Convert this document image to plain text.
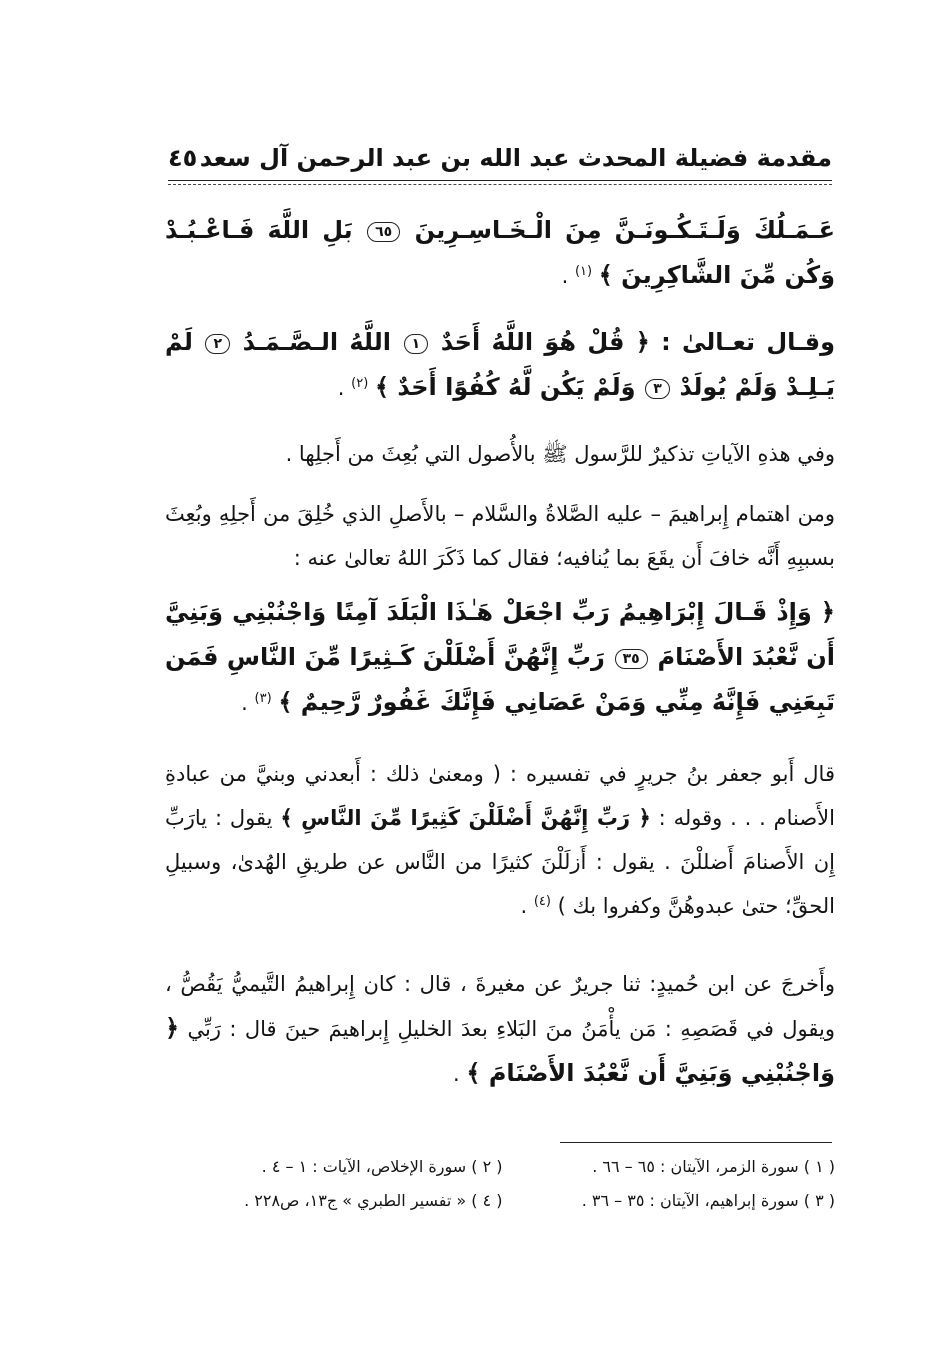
مقدمة فضيلة المحدث عبد الله بن عبد الرحمن آل سعد
٤٥
عَـمَـلُكَ وَلَـتَـكُـونَـنَّ مِنَ الْـخَـاسِـرِينَ ٦٥ بَلِ اللَّهَ فَـاعْـبُـدْ وَكُن مِّنَ الشَّاكِرِينَ ﴾ $^{(١)}$ .
وقـال تعـالىٰ : ﴿ قُلْ هُوَ اللَّهُ أَحَدٌ ١ اللَّهُ الـصَّـمَـدُ ٢ لَمْ يَـلِـدْ وَلَمْ يُولَدْ ٣ وَلَمْ يَكُن لَّهُ كُفُوًا أَحَدٌ ﴾ $^{(٢)}$ .
وفي هذهِ الآياتِ تذكيرٌ للرَّسول ﷺ بالأُصول التي بُعِثَ من أَجلِها .
ومن اهتمام إِبراهيمَ – عليه الصَّلاةُ والسَّلام – بالأَصلِ الذي خُلِقَ من أَجلِهِ وبُعِثَ بسببِهِ أَنَّه خافَ أَن يقَعَ بما يُنافيه؛ فقال كما ذَكَرَ اللهُ تعالىٰ عنه :
﴿ وَإِذْ قَـالَ إِبْرَاهِيمُ رَبِّ اجْعَلْ هَـٰذَا الْبَلَدَ آمِنًا وَاجْنُبْنِي وَبَنِيَّ أَن نَّعْبُدَ الأَصْنَامَ ٣٥ رَبِّ إِنَّهُنَّ أَضْلَلْنَ كَـثِيرًا مِّنَ النَّاسِ فَمَن تَبِعَنِي فَإِنَّهُ مِنِّي وَمَنْ عَصَانِي فَإِنَّكَ غَفُورٌ رَّحِيمٌ ﴾ $^{(٣)}$ .
قال أَبو جعفر بنُ جريرٍ في تفسيره : ( ومعنىٰ ذلك : أَبعدني وبنيَّ من عبادةِ الأَصنام . . . وقوله : ﴿ رَبِّ إِنَّهُنَّ أَضْلَلْنَ كَثِيرًا مِّنَ النَّاسِ ﴾ يقول : يارَبِّ إِن الأَصنامَ أَضللْنَ . يقول : أَزلَلْنَ كثيرًا من النَّاس عن طريقِ الهُدىٰ، وسبيلِ الحقِّ؛ حتىٰ عبدوهُنَّ وكفروا بك ) $^{(٤)}$ .
وأَخرجَ عن ابن حُميدٍ: ثنا جريرٌ عن مغيرةَ ، قال : كان إِبراهيمُ التَّيميُّ يَقُصُّ ، ويقول في قَصَصِهِ : مَن يأْمَنُ منَ البَلاءِ بعدَ الخليلِ إِبراهيمَ حينَ قال : رَبِّي ﴿ وَاجْنُبْنِي وَبَنِيَّ أَن نَّعْبُدَ الأَصْنَامَ ﴾ .
( ١ ) سورة الزمر، الآيتان : ٦٥ – ٦٦ .
( ٢ ) سورة الإخلاص، الآيات : ١ – ٤ .
( ٣ ) سورة إبراهيم، الآيتان : ٣٥ – ٣٦ .
( ٤ ) « تفسير الطبري » ج١٣، ص٢٢٨ .
